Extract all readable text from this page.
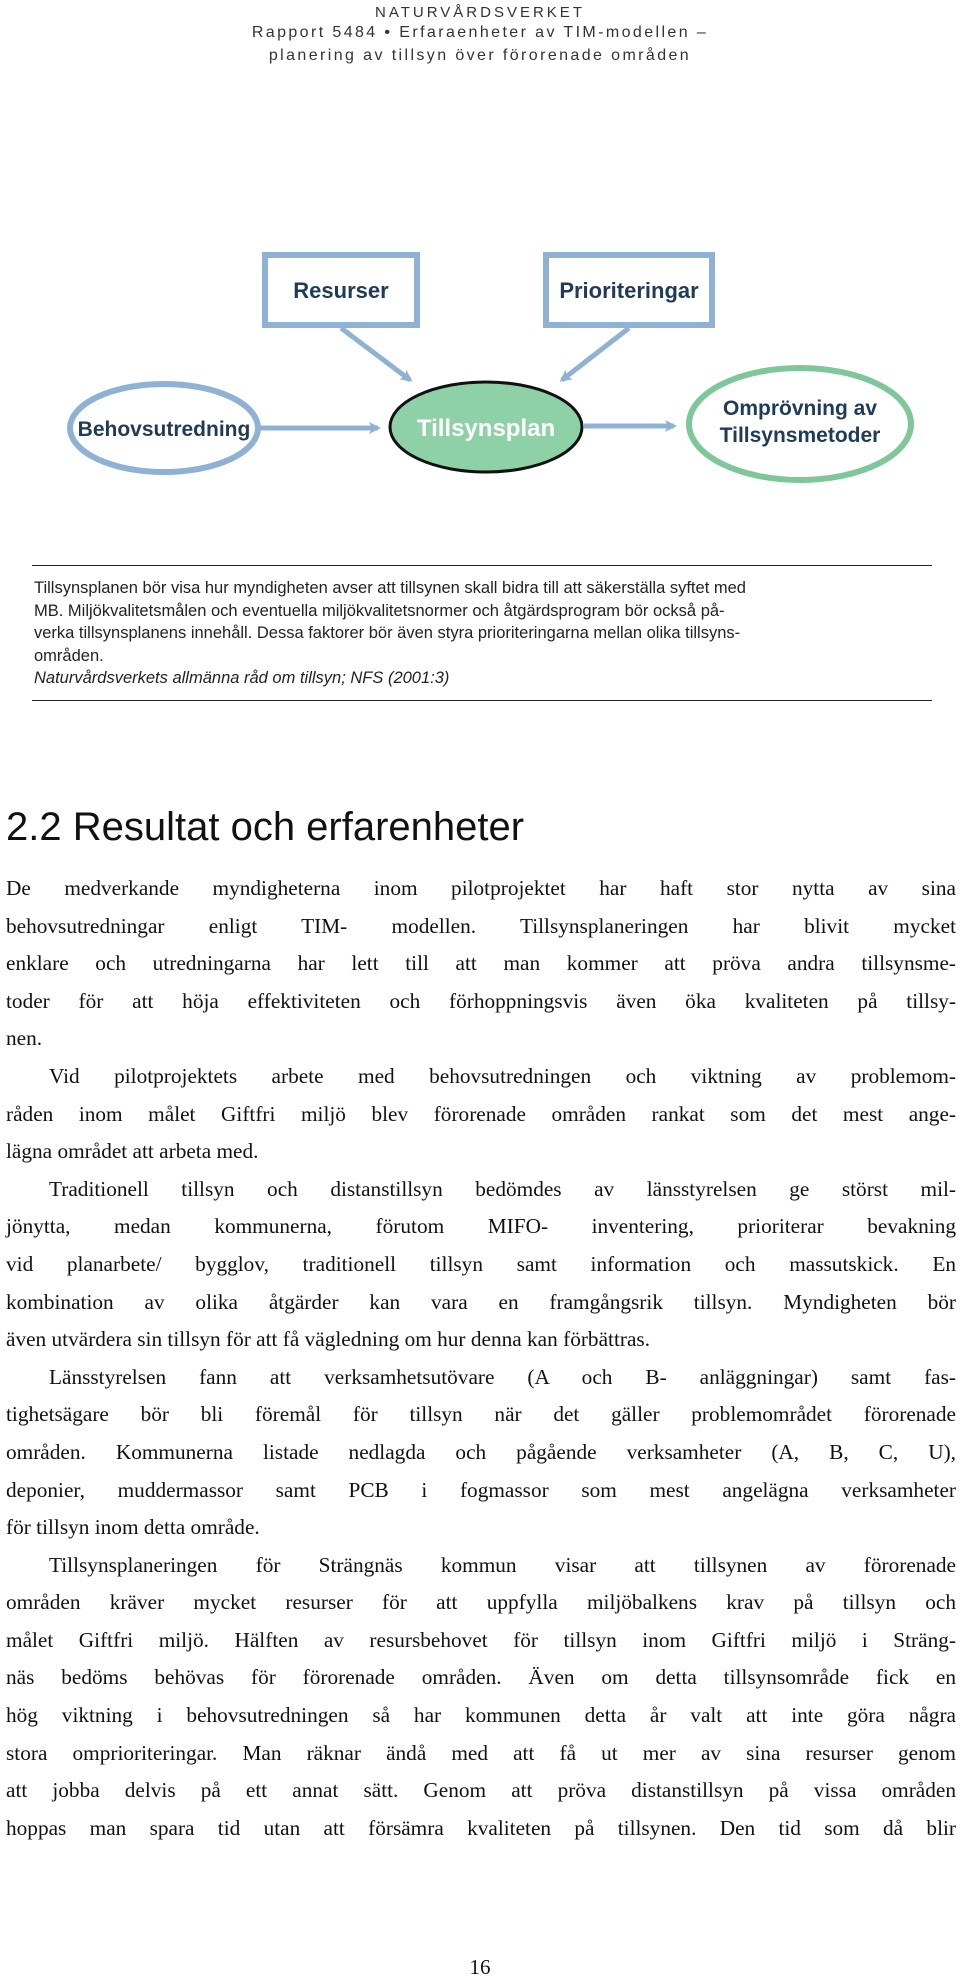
NATURVÅRDSVERKET
Rapport 5484 • Erfaraenheter av TIM-modellen –
planering av tillsyn över förorenade områden
Resurser	Prioriteringar
Behovsutredning	Tillsynsplan
Omprövning av
Tillsynsmetoder
Tillsynsplanen bör visa hur myndigheten avser att tillsynen skall bidra till att säkerställa syftet med
MB. Miljökvalitetsmålen och eventuella miljökvalitetsnormer och åtgärdsprogram bör också på-
verka tillsynsplanens innehåll. Dessa faktorer bör även styra prioriteringarna mellan olika tillsyns-
områden.
Naturvårdsverkets allmänna råd om tillsyn; NFS (2001:3)
2.2 Resultat och erfarenheter
De medverkande myndigheterna inom pilotprojektet har haft stor nytta av sina
behovsutredningar enligt TIM- modellen. Tillsynsplaneringen har blivit mycket
enklare och utredningarna har lett till att man kommer att pröva andra tillsynsme-
toder för att höja effektiviteten och förhoppningsvis även öka kvaliteten på tillsy-
nen.
Vid pilotprojektets arbete med behovsutredningen och viktning av problemom-
råden inom målet Giftfri miljö blev förorenade områden rankat som det mest ange-
lägna området att arbeta med.
Traditionell tillsyn och distanstillsyn bedömdes av länsstyrelsen ge störst mil-
jönytta, medan kommunerna, förutom MIFO- inventering, prioriterar bevakning
vid planarbete/ bygglov, traditionell tillsyn samt information och massutskick. En
kombination av olika åtgärder kan vara en framgångsrik tillsyn. Myndigheten bör
även utvärdera sin tillsyn för att få vägledning om hur denna kan förbättras.
Länsstyrelsen fann att verksamhetsutövare (A och B- anläggningar) samt fas-
tighetsägare bör bli föremål för tillsyn när det gäller problemområdet förorenade
områden. Kommunerna listade nedlagda och pågående verksamheter (A, B, C, U),
deponier, muddermassor samt PCB i fogmassor som mest angelägna verksamheter
för tillsyn inom detta område.
Tillsynsplaneringen för Strängnäs kommun visar att tillsynen av förorenade
områden kräver mycket resurser för att uppfylla miljöbalkens krav på tillsyn och
målet Giftfri miljö. Hälften av resursbehovet för tillsyn inom Giftfri miljö i Sträng-
näs bedöms behövas för förorenade områden. Även om detta tillsynsområde fick en
hög viktning i behovsutredningen så har kommunen detta år valt att inte göra några
stora omprioriteringar. Man räknar ändå med att få ut mer av sina resurser genom
att jobba delvis på ett annat sätt. Genom att pröva distanstillsyn på vissa områden
hoppas man spara tid utan att försämra kvaliteten på tillsynen. Den tid som då blir
16
